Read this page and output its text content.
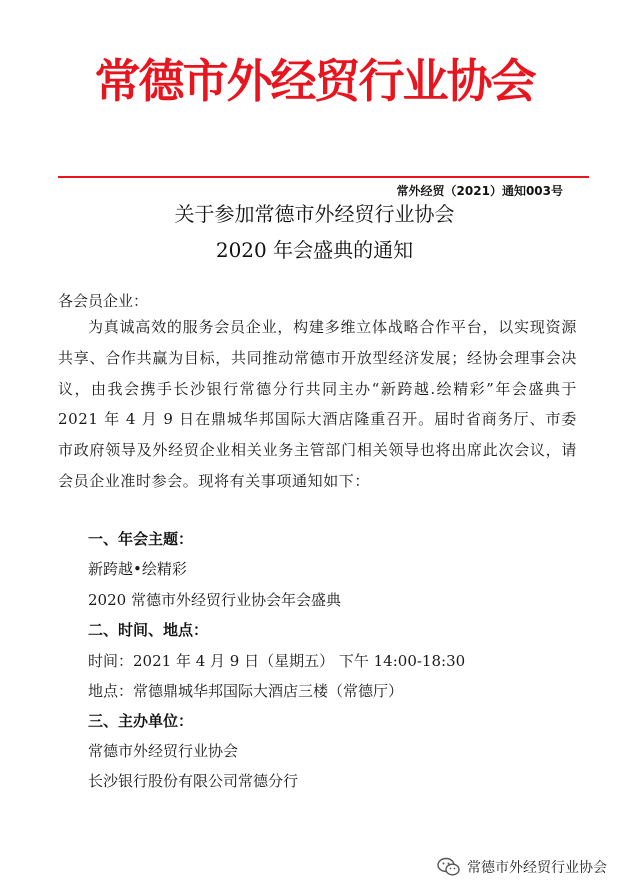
常德市外经贸行业协会
常外经贸（2021）通知003号
关于参加常德市外经贸行业协会
2020 年会盛典的通知
各会员企业：
为真诚高效的服务会员企业，构建多维立体战略合作平台，以实现资源共享、合作共赢为目标，共同推动常德市开放型经济发展；经协会理事会决议，由我会携手长沙银行常德分行共同主办“新跨越.绘精彩”年会盛典于 2021 年 4 月 9 日在鼎城华邦国际大酒店隆重召开。届时省商务厅、市委市政府领导及外经贸企业相关业务主管部门相关领导也将出席此次会议，请会员企业准时参会。现将有关事项通知如下：
一、年会主题：
新跨越•绘精彩
2020 常德市外经贸行业协会年会盛典
二、时间、地点：
时间：2021 年 4 月 9 日（星期五） 下午 14:00-18:30
地点：常德鼎城华邦国际大酒店三楼（常德厅）
三、主办单位：
常德市外经贸行业协会
长沙银行股份有限公司常德分行
常德市外经贸行业协会
